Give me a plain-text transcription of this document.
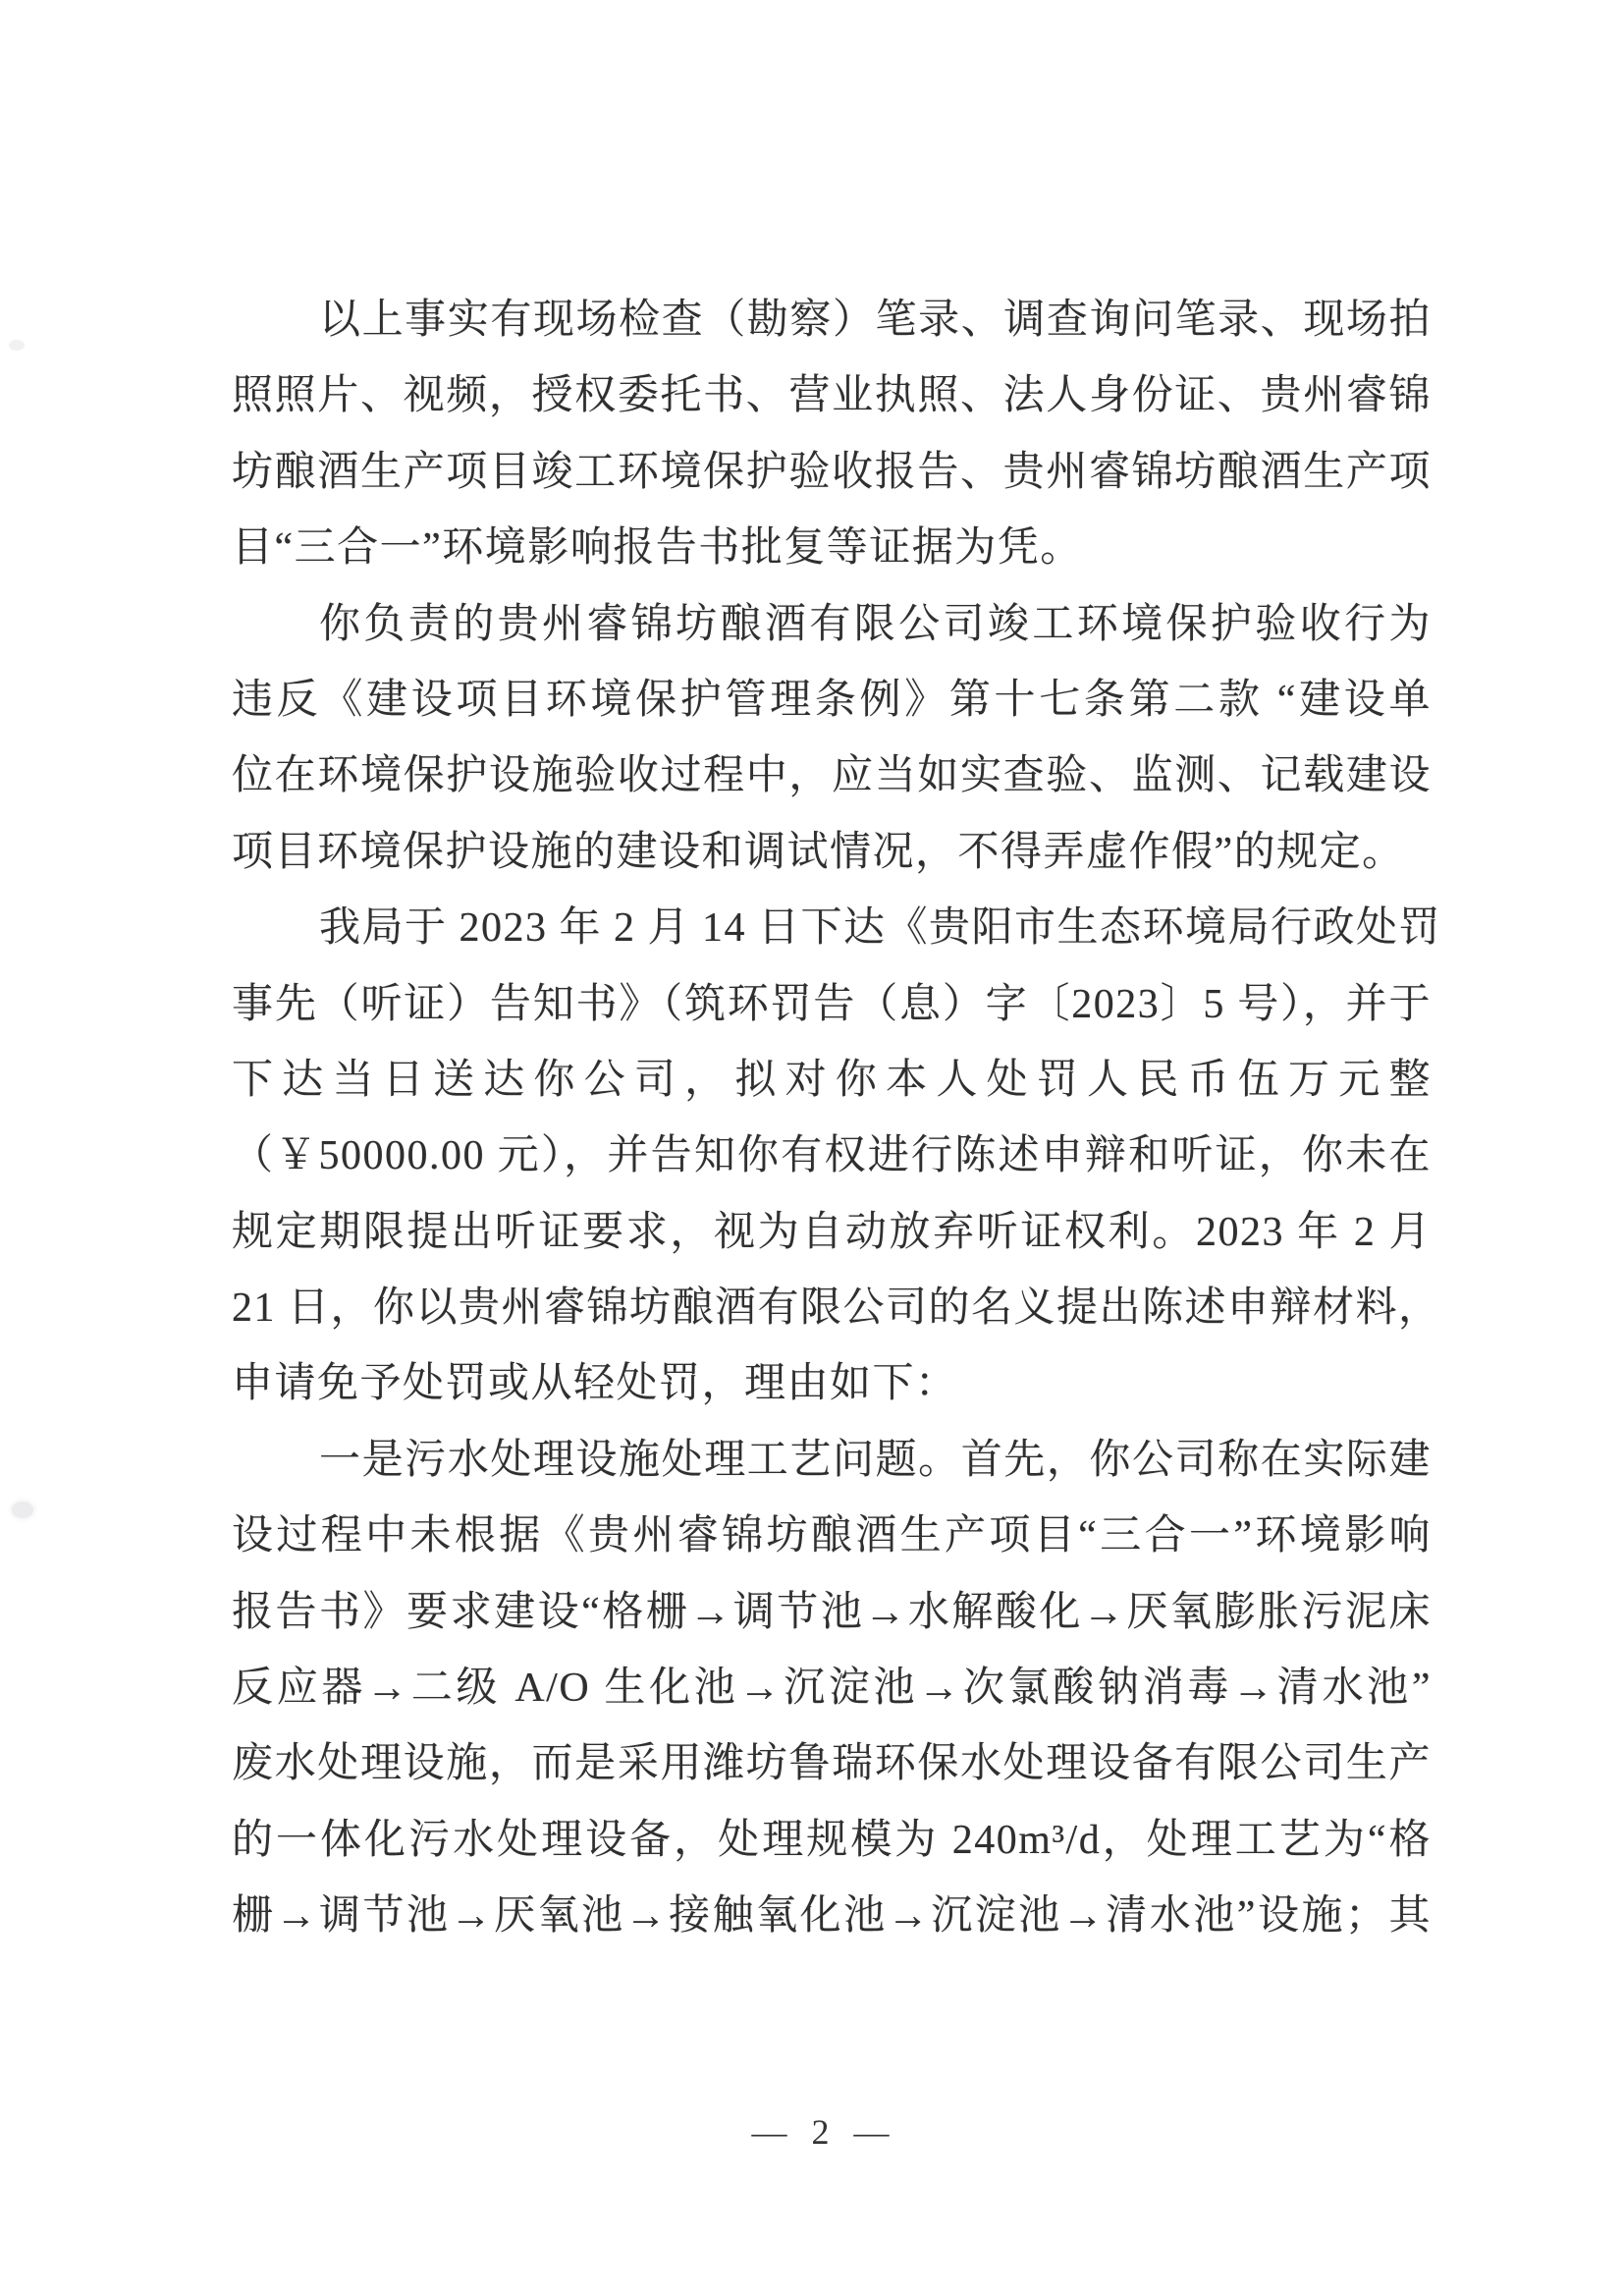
以上事实有现场检查（勘察）笔录、调查询问笔录、现场拍
照照片、视频，授权委托书、营业执照、法人身份证、贵州睿锦
坊酿酒生产项目竣工环境保护验收报告、贵州睿锦坊酿酒生产项
目“三合一”环境影响报告书批复等证据为凭。
你负责的贵州睿锦坊酿酒有限公司竣工环境保护验收行为
违反《建设项目环境保护管理条例》第十七条第二款 “建设单
位在环境保护设施验收过程中，应当如实查验、监测、记载建设
项目环境保护设施的建设和调试情况，不得弄虚作假”的规定。
我局于 2023 年 2 月 14 日下达《贵阳市生态环境局行政处罚
事先（听证）告知书》（筑环罚告（息）字〔2023〕5 号），并于
下达当日送达你公司，拟对你本人处罚人民币伍万元整
（￥50000.00 元），并告知你有权进行陈述申辩和听证，你未在
规定期限提出听证要求，视为自动放弃听证权利。2023 年 2 月
21 日，你以贵州睿锦坊酿酒有限公司的名义提出陈述申辩材料，
申请免予处罚或从轻处罚，理由如下：
一是污水处理设施处理工艺问题。首先，你公司称在实际建
设过程中未根据《贵州睿锦坊酿酒生产项目“三合一”环境影响
报告书》要求建设“格栅→调节池→水解酸化→厌氧膨胀污泥床
反应器→二级 A/O 生化池→沉淀池→次氯酸钠消毒→清水池”
废水处理设施，而是采用潍坊鲁瑞环保水处理设备有限公司生产
的一体化污水处理设备，处理规模为 240m³/d，处理工艺为“格
栅→调节池→厌氧池→接触氧化池→沉淀池→清水池”设施；其
— 2 —
